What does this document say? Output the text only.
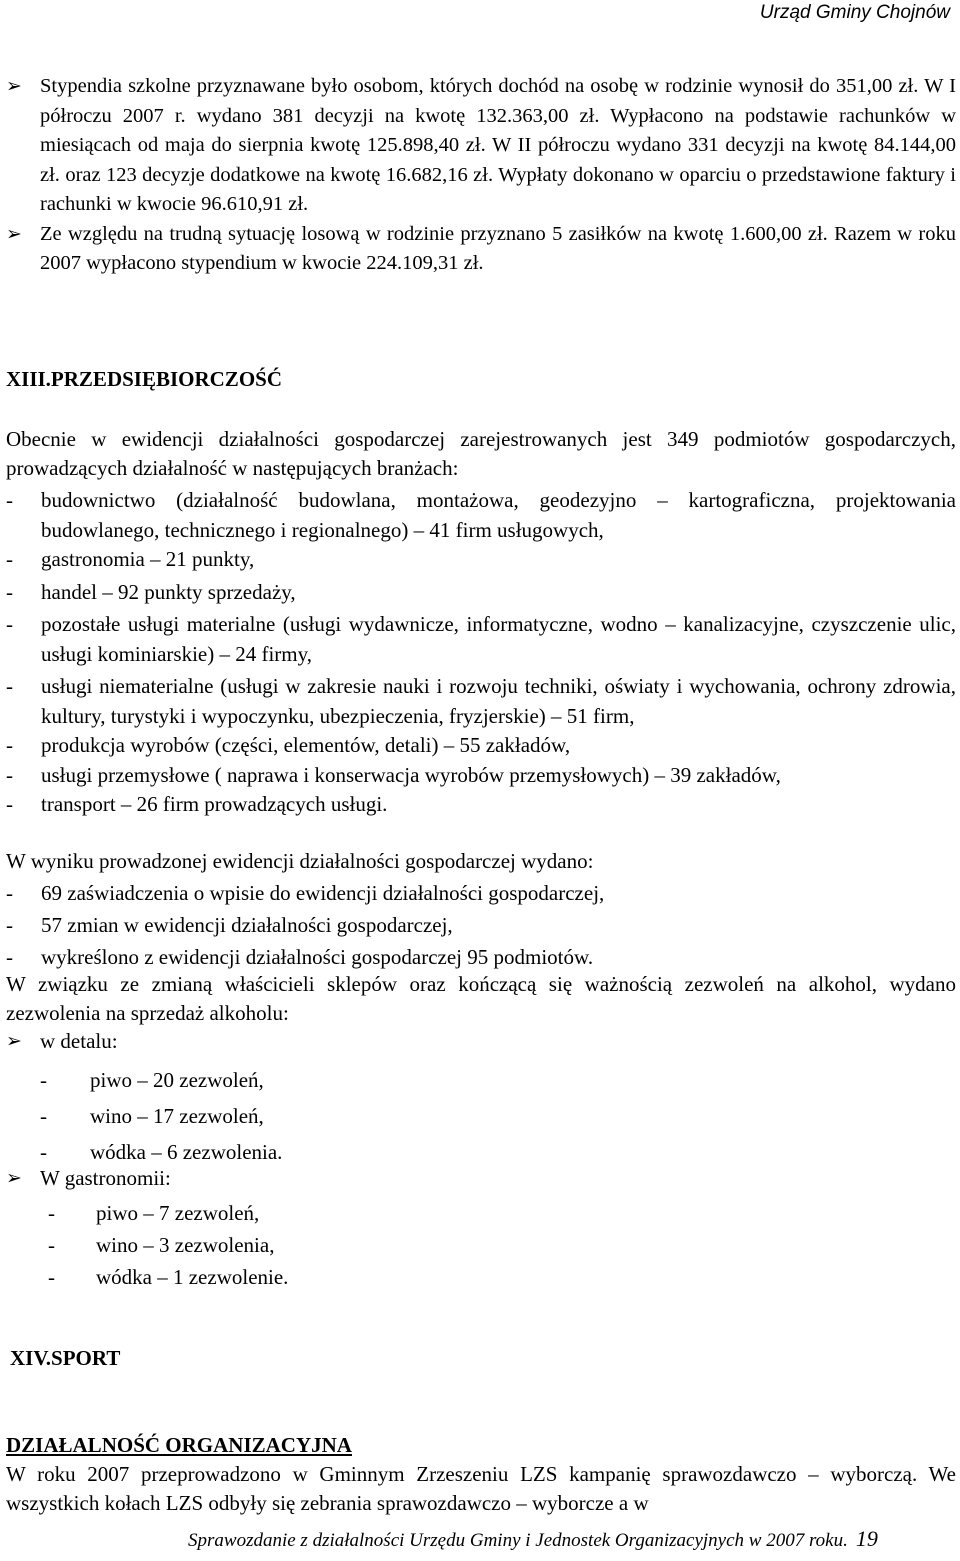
Urząd Gminy Chojnów
➢ Stypendia szkolne przyznawane było osobom, których dochód na osobę w rodzinie wynosił do 351,00 zł. W I półroczu 2007 r. wydano 381 decyzji na kwotę 132.363,00 zł. Wypłacono na podstawie rachunków w miesiącach od maja do sierpnia kwotę 125.898,40 zł. W II półroczu wydano 331 decyzji na kwotę 84.144,00 zł. oraz 123 decyzje dodatkowe na kwotę 16.682,16 zł. Wypłaty dokonano w oparciu o przedstawione faktury i rachunki w kwocie 96.610,91 zł.
➢ Ze względu na trudną sytuację losową w rodzinie przyznano 5 zasiłków na kwotę 1.600,00 zł. Razem w roku 2007 wypłacono stypendium w kwocie 224.109,31 zł.
XIII.PRZEDSIĘBIORCZOŚĆ
Obecnie w ewidencji działalności gospodarczej zarejestrowanych jest 349 podmiotów gospodarczych, prowadzących działalność w następujących branżach:
- budownictwo (działalność budowlana, montażowa, geodezyjno – kartograficzna, projektowania budowlanego, technicznego i regionalnego) – 41 firm usługowych,
- gastronomia – 21 punkty,
- handel – 92 punkty sprzedaży,
- pozostałe usługi materialne (usługi wydawnicze, informatyczne, wodno – kanalizacyjne, czyszczenie ulic, usługi kominiarskie) – 24 firmy,
- usługi niematerialne (usługi w zakresie nauki i rozwoju techniki, oświaty i wychowania, ochrony zdrowia, kultury, turystyki i wypoczynku, ubezpieczenia, fryzjerskie) – 51 firm,
- produkcja wyrobów (części, elementów, detali) – 55 zakładów,
- usługi przemysłowe ( naprawa i konserwacja wyrobów przemysłowych) – 39 zakładów,
- transport – 26 firm prowadzących usługi.
W wyniku prowadzonej ewidencji działalności gospodarczej wydano:
- 69 zaświadczenia o wpisie do ewidencji działalności gospodarczej,
- 57 zmian w ewidencji działalności gospodarczej,
- wykreślono z ewidencji działalności gospodarczej 95 podmiotów.
W związku ze zmianą właścicieli sklepów oraz kończącą się ważnością zezwoleń na alkohol, wydano zezwolenia na sprzedaż alkoholu:
➢ w detalu:
- piwo – 20 zezwoleń,
- wino – 17 zezwoleń,
- wódka – 6 zezwolenia.
➢ W gastronomii:
- piwo – 7 zezwoleń,
- wino – 3 zezwolenia,
- wódka – 1 zezwolenie.
XIV.SPORT
DZIAŁALNOŚĆ ORGANIZACYJNA
W roku 2007 przeprowadzono w Gminnym Zrzeszeniu LZS kampanię sprawozdawczo – wyborczą. We wszystkich kołach LZS odbyły się zebrania sprawozdawczo – wyborcze a w
Sprawozdanie z działalności Urzędu Gminy i Jednostek Organizacyjnych w 2007 roku. 19
